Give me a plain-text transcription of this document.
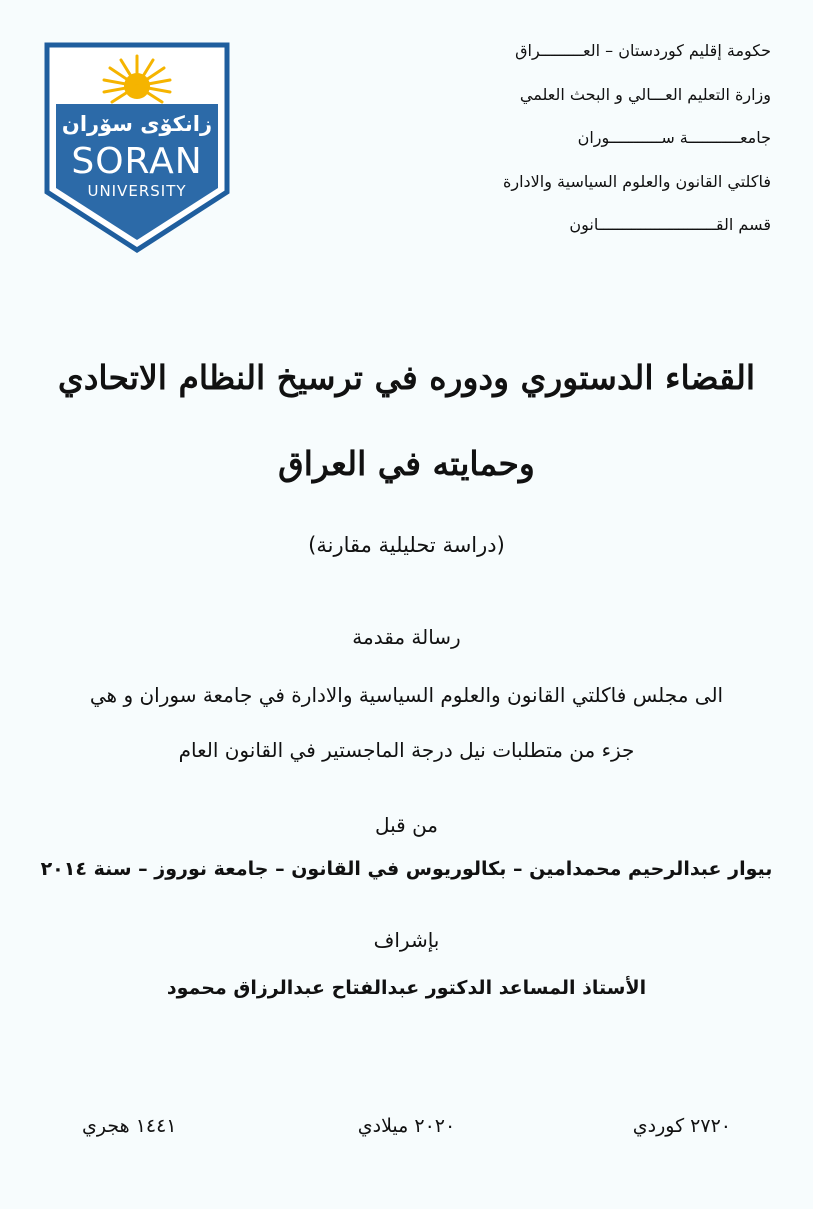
زانكۆی سۆران
SORAN
UNIVERSITY
حكومة إقليم كوردستان – العـــــــــراق
وزارة التعليم العـــالي و البحث العلمي
جامعـــــــــــة ســـــــــــوران
فاكلتي القانون والعلوم السياسية والادارة
قسم القـــــــــــــــــــــــــانون
القضاء الدستوري ودوره في ترسيخ النظام الاتحادي
وحمايته في العراق
(دراسة تحليلية مقارنة)
رسالة مقدمة
الى مجلس فاكلتي القانون والعلوم السياسية والادارة في جامعة سوران و هي
جزء من متطلبات نيل درجة الماجستير في القانون العام
من قبل
بيوار عبدالرحيم محمدامين – بكالوريوس في القانون – جامعة نوروز – سنة ٢٠١٤
بإشراف
الأستاذ المساعد الدكتور عبدالفتاح عبدالرزاق محمود
٢٧٢٠ كوردي
٢٠٢٠ ميلادي
١٤٤١ هجري
